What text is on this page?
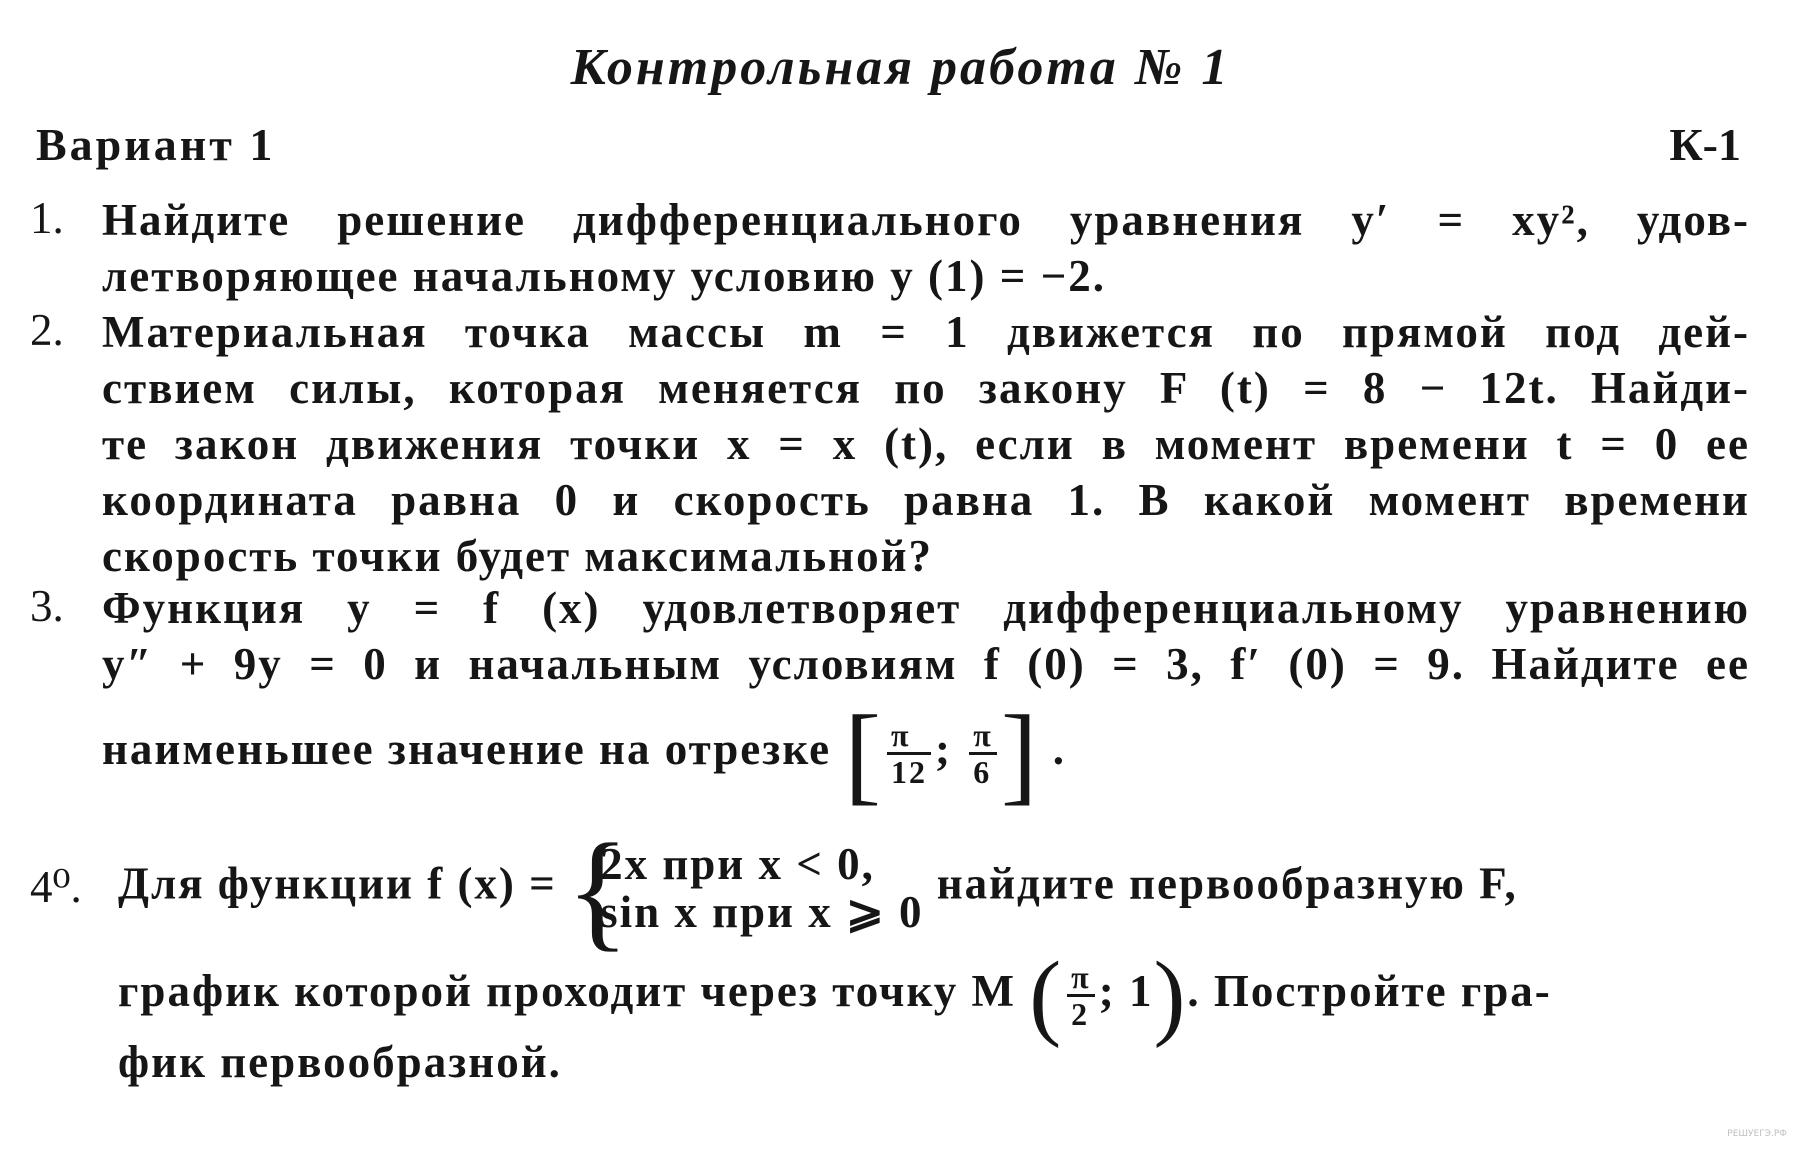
Контрольная работа № 1
Вариант 1	К-1
1. Найдите решение дифференциального уравнения y′ = xy², удов-
летворяющее начальному условию y (1) = −2.
2. Материальная точка массы m = 1 движется по прямой под дей-
ствием силы, которая меняется по закону F (t) = 8 − 12t. Найди-
те закон движения точки x = x (t), если в момент времени t = 0 ее
координата равна 0 и скорость равна 1. В какой момент времени
скорость точки будет максимальной?
3. Функция y = f (x) удовлетворяет дифференциальному уравнению
y″ + 9y = 0 и начальным условиям f (0) = 3, f′ (0) = 9. Найдите ее
наименьшее значение на отрезке [ $\frac{\pi}{12}$ ; $\frac{\pi}{6}$ ] .
4⁰. Для функции f (x) = {
2x при x < 0,
sin x при x ⩾ 0
найдите первообразную F,
график которой проходит через точку M ( $\frac{\pi}{2}$ ; 1). Постройте гра-
фик первообразной.
РЕШУЕГЭ.РФ
